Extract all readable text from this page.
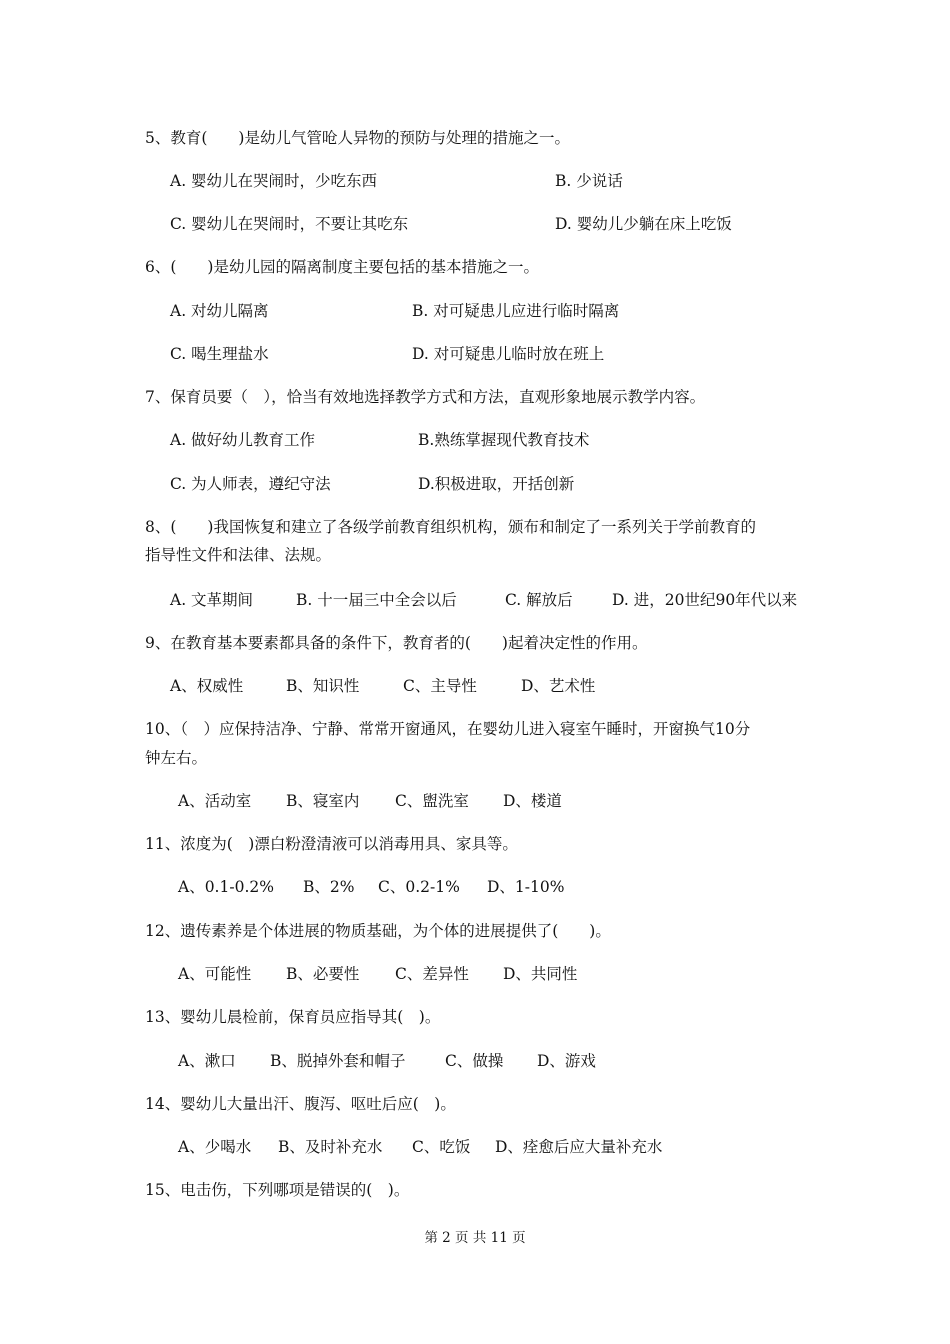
5、教育(　　)是幼儿气管呛人异物的预防与处理的措施之一。
A. 婴幼儿在哭闹时，少吃东西	B. 少说话
C. 婴幼儿在哭闹时，不要让其吃东	D. 婴幼儿少躺在床上吃饭
6、(　　)是幼儿园的隔离制度主要包括的基本措施之一。
A. 对幼儿隔离	B. 对可疑患儿应进行临时隔离
C. 喝生理盐水	D. 对可疑患儿临时放在班上
7、保育员要（　），恰当有效地选择教学方式和方法，直观形象地展示教学内容。
A. 做好幼儿教育工作	B.熟练掌握现代教育技术
C. 为人师表，遵纪守法	D.积极进取，开括创新
8、(　　)我国恢复和建立了各级学前教育组织机构，颁布和制定了一系列关于学前教育的
指导性文件和法律、法规。
A. 文革期间	B. 十一届三中全会以后	C. 解放后	D. 进，20世纪90年代以来
9、在教育基本要素都具备的条件下，教育者的(　　)起着决定性的作用。
A、权威性	B、知识性	C、主导性	D、艺术性
10、（　）应保持洁净、宁静、常常开窗通风，在婴幼儿进入寝室午睡时，开窗换气10分
钟左右。
A、活动室 B、寝室内 C、盥洗室 D、楼道
11、浓度为(　)漂白粉澄清液可以消毒用具、家具等。
A、0.1-0.2% B、2% C、0.2-1% D、1-10%
12、遗传素养是个体进展的物质基础，为个体的进展提供了(　　)。
A、可能性 B、必要性 C、差异性 D、共同性
13、婴幼儿晨检前，保育员应指导其(　)。
A、漱口 B、脱掉外套和帽子	C、做操 D、游戏
14、婴幼儿大量出汗、腹泻、呕吐后应(　)。
A、少喝水 B、及时补充水 C、吃饭 D、痊愈后应大量补充水
15、电击伤，下列哪项是错误的(　)。
第 2 页 共 11 页
